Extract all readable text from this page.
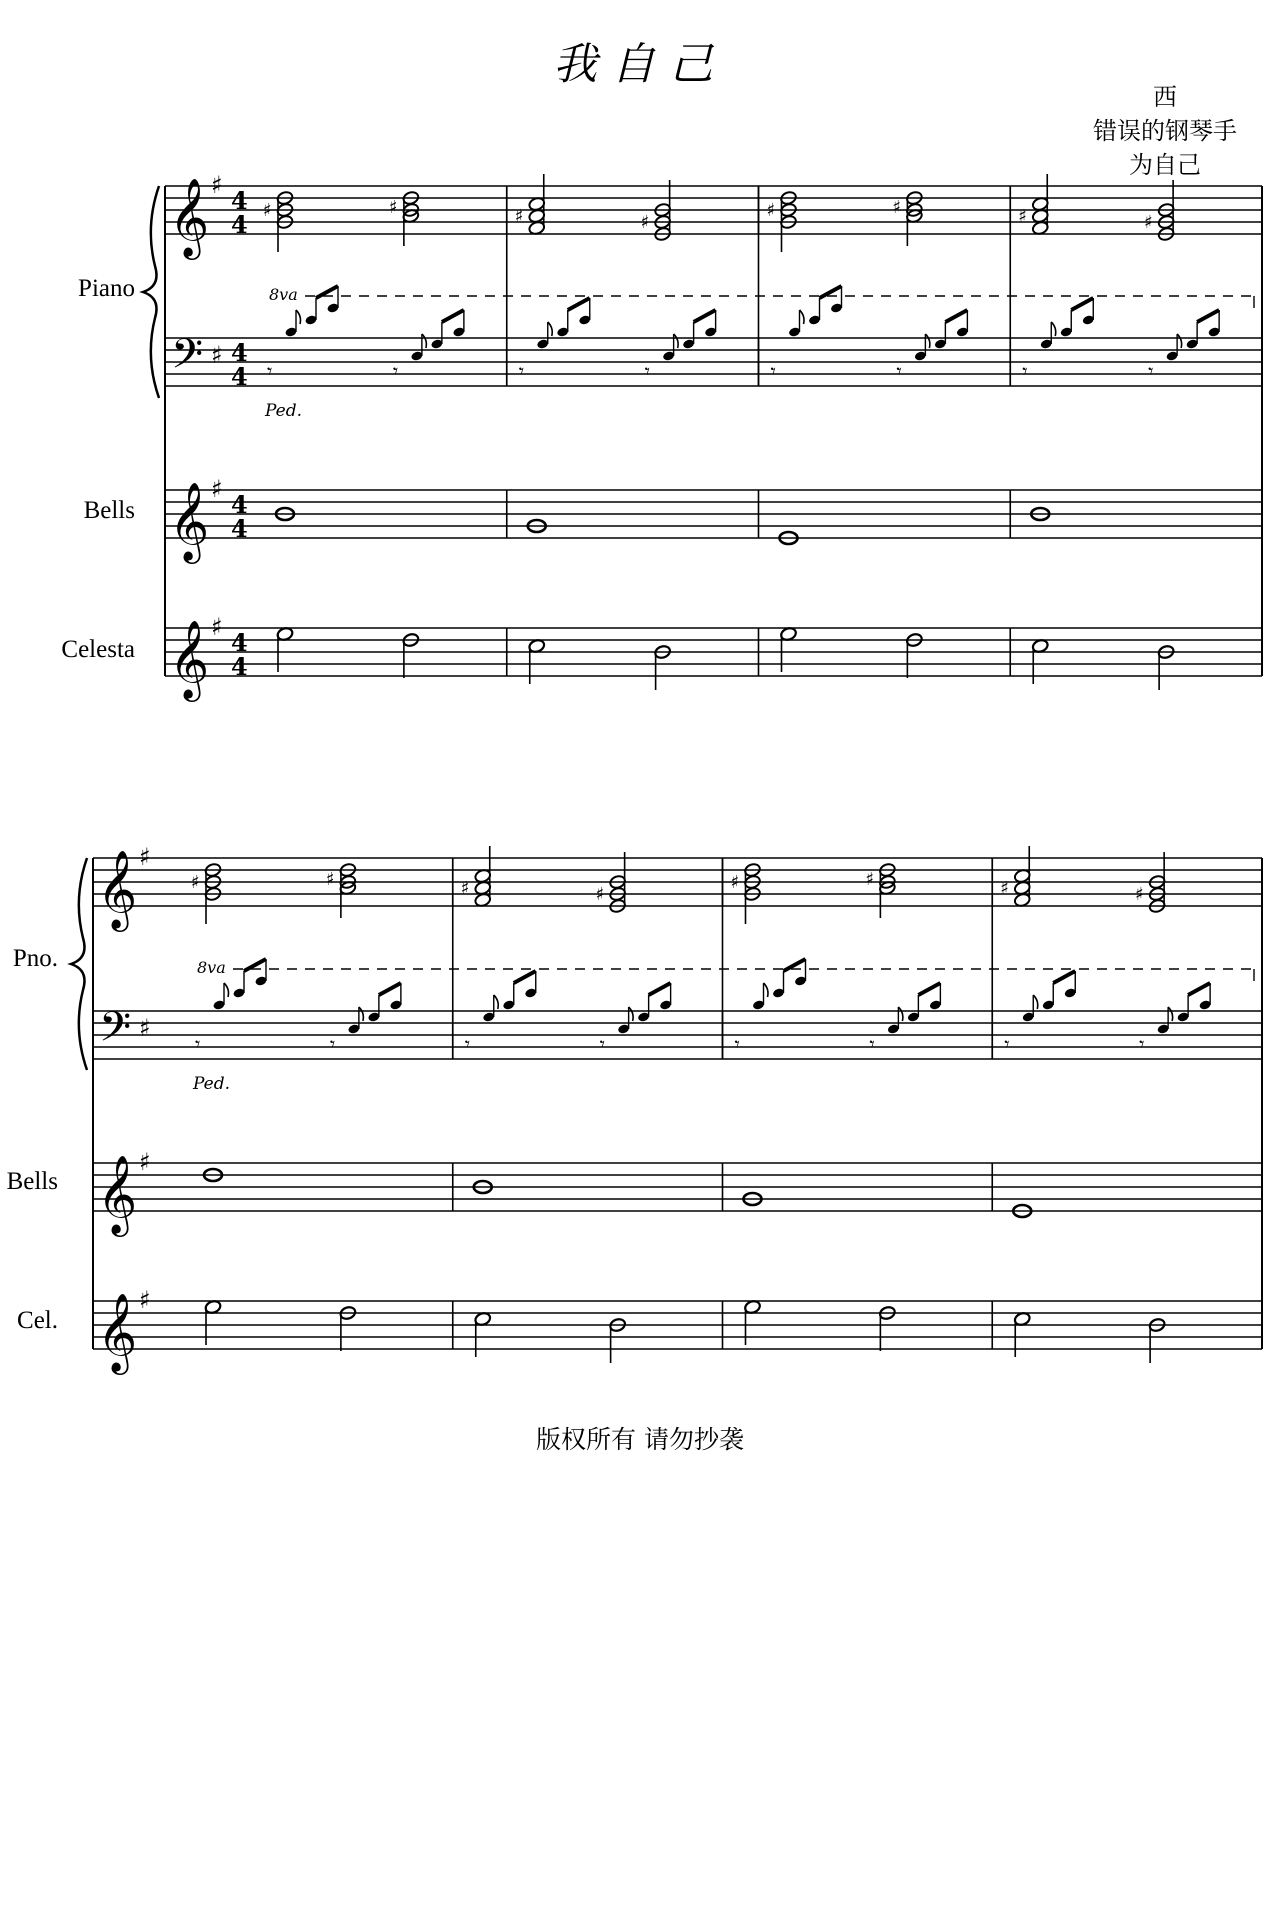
我自己
西
错误的钢琴手
为自己
Piano
Bells
Celesta
Pno.
Bells
Cel.
版权所有 请勿抄袭
𝄞 ♯
4
4
𝄢 ♯ 4
4
𝄞 ♯
4
4
𝄞 ♯
4
4
8va
Ped.
♯	♯
𝄾	𝄾
♯	♯
𝄾	𝄾
♯	♯
𝄾	𝄾
♯	♯
𝄾	𝄾
𝄞 ♯
𝄢 ♯
𝄞 ♯
𝄞 ♯
8va
Ped.
♯	♯
𝄾	𝄾
♯	♯
𝄾	𝄾
♯	♯
𝄾	𝄾
♯	♯
𝄾	𝄾
